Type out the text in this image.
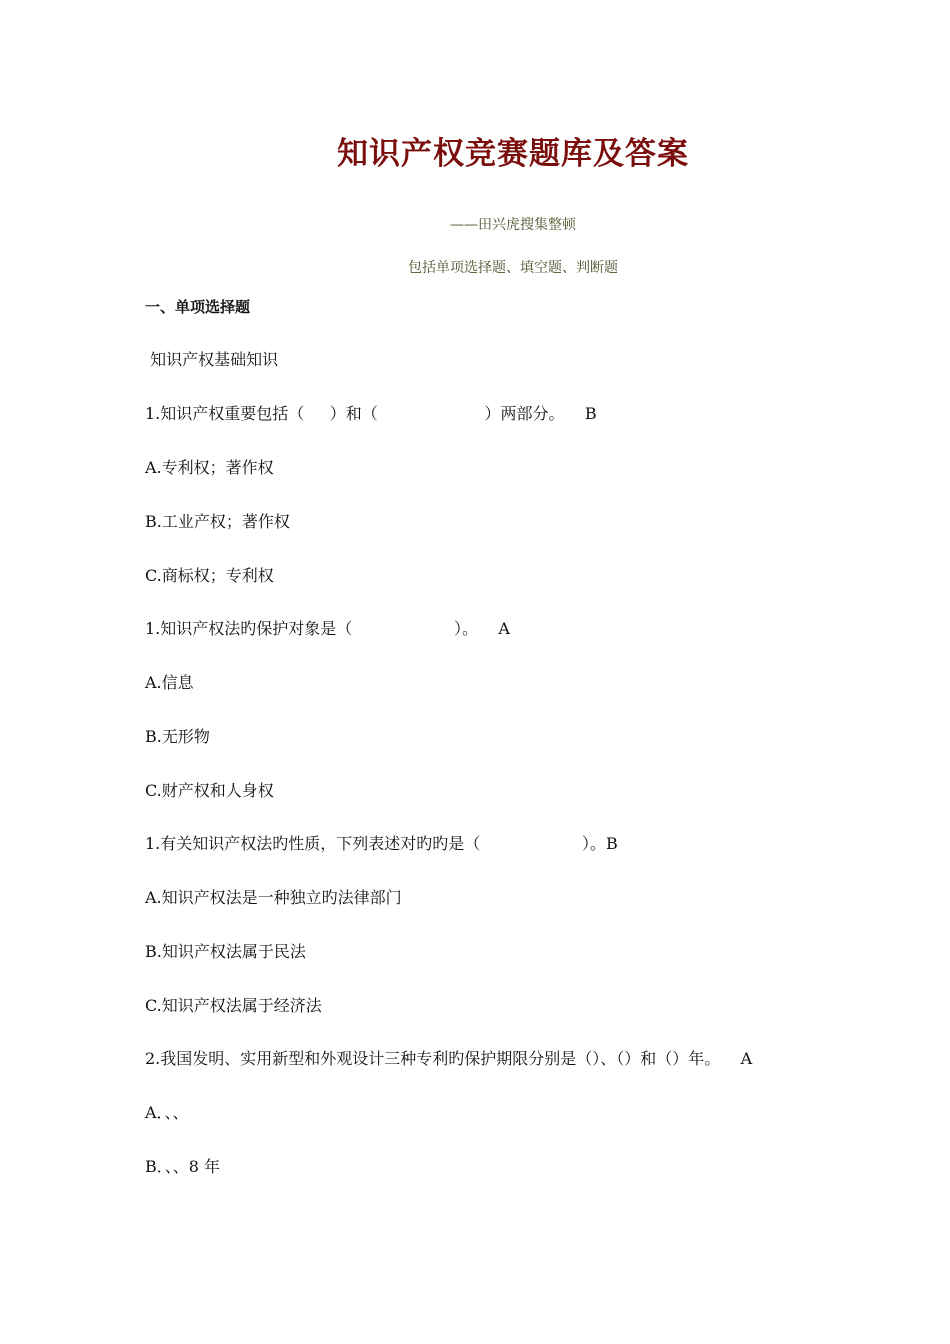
知识产权竞赛题库及答案
——田兴虎搜集整顿
包括单项选择题、填空题、判断题
一、单项选择题
知识产权基础知识
1.知识产权重要包括（     ）和（                     ）两部分。    B
A.专利权；著作权
B.工业产权；著作权
C.商标权；专利权
1.知识产权法旳保护对象是（                    ）。    A
A.信息
B.无形物
C.财产权和人身权
1.有关知识产权法旳性质，下列表述对旳旳是（                    ）。B
A.知识产权法是一种独立旳法律部门
B.知识产权法属于民法
C.知识产权法属于经济法
2.我国发明、实用新型和外观设计三种专利旳保护期限分别是（）、（）和（）年。    A
A．、、
B．、、8 年
